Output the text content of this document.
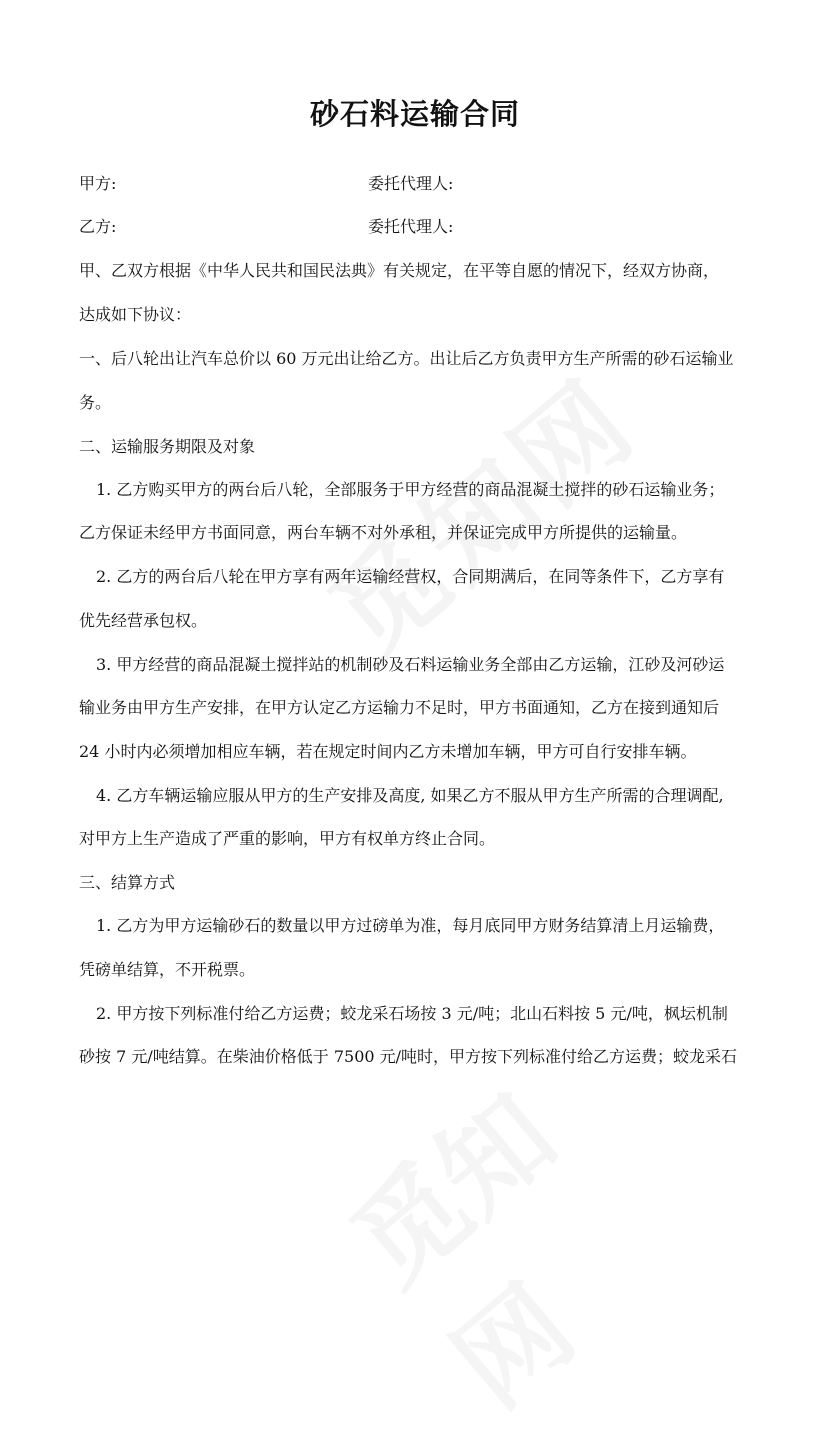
砂石料运输合同
甲方:	委托代理人:
乙方:	委托代理人:
甲、乙双方根据《中华人民共和国民法典》有关规定，在平等自愿的情况下，经双方协商，
达成如下协议：
一、后八轮出让汽车总价以 60 万元出让给乙方。出让后乙方负责甲方生产所需的砂石运输业
务。
二、运输服务期限及对象
1. 乙方购买甲方的两台后八轮，全部服务于甲方经营的商品混凝土搅拌的砂石运输业务；
乙方保证未经甲方书面同意，两台车辆不对外承租，并保证完成甲方所提供的运输量。
2. 乙方的两台后八轮在甲方享有两年运输经营权，合同期满后，在同等条件下，乙方享有
优先经营承包权。
3. 甲方经营的商品混凝土搅拌站的机制砂及石料运输业务全部由乙方运输，江砂及河砂运
输业务由甲方生产安排，在甲方认定乙方运输力不足时，甲方书面通知，乙方在接到通知后
24 小时内必须增加相应车辆，若在规定时间内乙方未增加车辆，甲方可自行安排车辆。
4. 乙方车辆运输应服从甲方的生产安排及高度, 如果乙方不服从甲方生产所需的合理调配,
对甲方上生产造成了严重的影响，甲方有权单方终止合同。
三、结算方式
1. 乙方为甲方运输砂石的数量以甲方过磅单为准，每月底同甲方财务结算清上月运输费，
凭磅单结算，不开税票。
2. 甲方按下列标准付给乙方运费；蛟龙采石场按 3 元/吨；北山石料按 5 元/吨，枫坛机制
砂按 7 元/吨结算。在柴油价格低于 7500 元/吨时，甲方按下列标准付给乙方运费；蛟龙采石
